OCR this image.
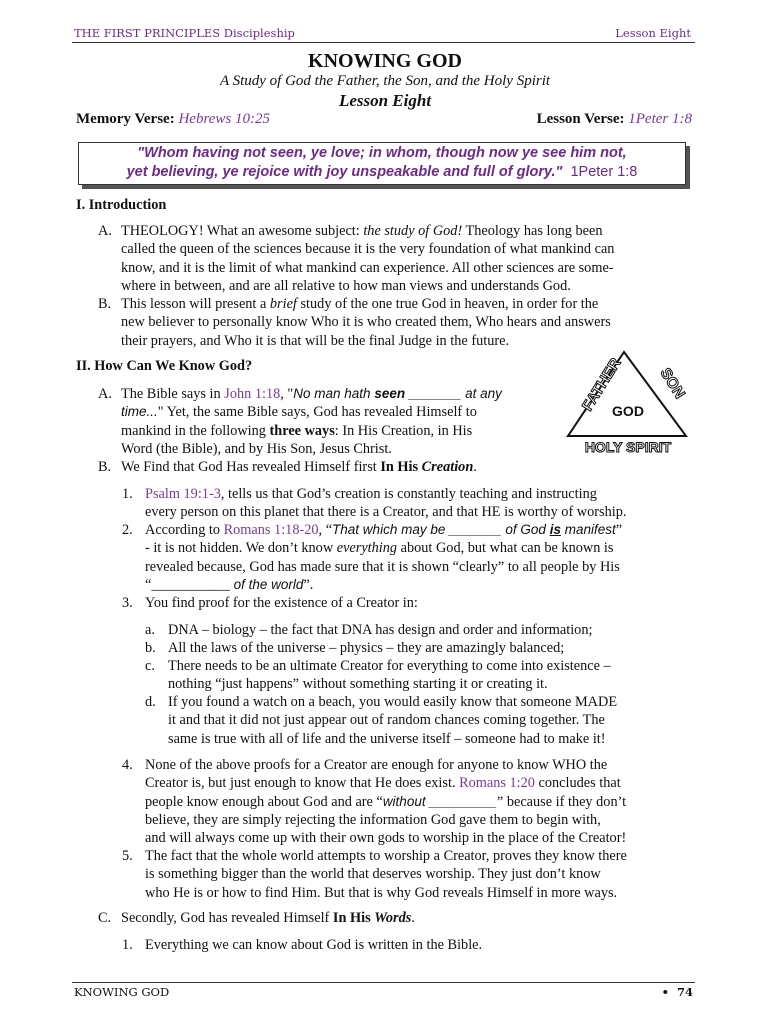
THE FIRST PRINCIPLES Discipleship	Lesson Eight
KNOWING GOD
A Study of God the Father, the Son, and the Holy Spirit
Lesson Eight
Memory Verse: Hebrews 10:25	Lesson Verse: 1Peter 1:8
"Whom having not seen, ye love; in whom, though now ye see him not,
yet believing, ye rejoice with joy unspeakable and full of glory." 1Peter 1:8
I. Introduction
A. THEOLOGY! What an awesome subject: the study of God! Theology has long been
called the queen of the sciences because it is the very foundation of what mankind can
know, and it is the limit of what mankind can experience. All other sciences are some-
where in between, and are all relative to how man views and understands God.
B. This lesson will present a brief study of the one true God in heaven, in order for the
new believer to personally know Who it is who created them, Who hears and answers
their prayers, and Who it is that will be the final Judge in the future.
II. How Can We Know God?
A. The Bible says in John 1:18, "No man hath seen _______ at any
time..." Yet, the same Bible says, God has revealed Himself to
mankind in the following three ways: In His Creation, in His
Word (the Bible), and by His Son, Jesus Christ.
FATHER SON
GOD
HOLY SPIRIT
B. We Find that God Has revealed Himself first In His Creation.
1. Psalm 19:1-3, tells us that God’s creation is constantly teaching and instructing
every person on this planet that there is a Creator, and that HE is worthy of worship.
2. According to Romans 1:18-20, “That which may be _______ of God is manifest”
- it is not hidden. We don’t know everything about God, but what can be known is
revealed because, God has made sure that it is shown “clearly” to all people by His
“___________ of the world”.
3. You find proof for the existence of a Creator in:
a. DNA – biology – the fact that DNA has design and order and information;
b. All the laws of the universe – physics – they are amazingly balanced;
c. There needs to be an ultimate Creator for everything to come into existence –
nothing “just happens” without something starting it or creating it.
d. If you found a watch on a beach, you would easily know that someone MADE
it and that it did not just appear out of random chances coming together. The
same is true with all of life and the universe itself – someone had to make it!
4. None of the above proofs for a Creator are enough for anyone to know WHO the
Creator is, but just enough to know that He does exist. Romans 1:20 concludes that
people know enough about God and are “without _________” because if they don’t
believe, they are simply rejecting the information God gave them to begin with,
and will always come up with their own gods to worship in the place of the Creator!
5. The fact that the whole world attempts to worship a Creator, proves they know there
is something bigger than the world that deserves worship. They just don’t know
who He is or how to find Him. But that is why God reveals Himself in more ways.
C. Secondly, God has revealed Himself In His Words.
1. Everything we can know about God is written in the Bible.
KNOWING GOD	• 74
